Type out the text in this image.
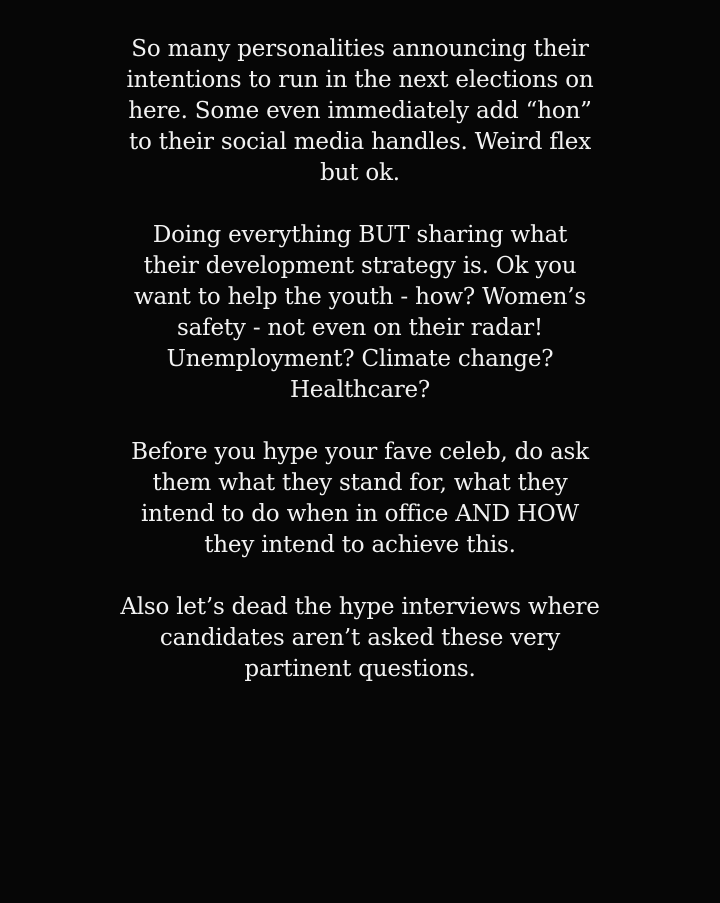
So many personalities announcing their
intentions to run in the next elections on
here. Some even immediately add “hon”
to their social media handles. Weird flex
but ok.

Doing everything BUT sharing what
their development strategy is. Ok you
want to help the youth - how? Women’s
safety - not even on their radar!
Unemployment? Climate change?
Healthcare?

Before you hype your fave celeb, do ask
them what they stand for, what they
intend to do when in office AND HOW
they intend to achieve this.

Also let’s dead the hype interviews where
candidates aren’t asked these very
partinent questions.
